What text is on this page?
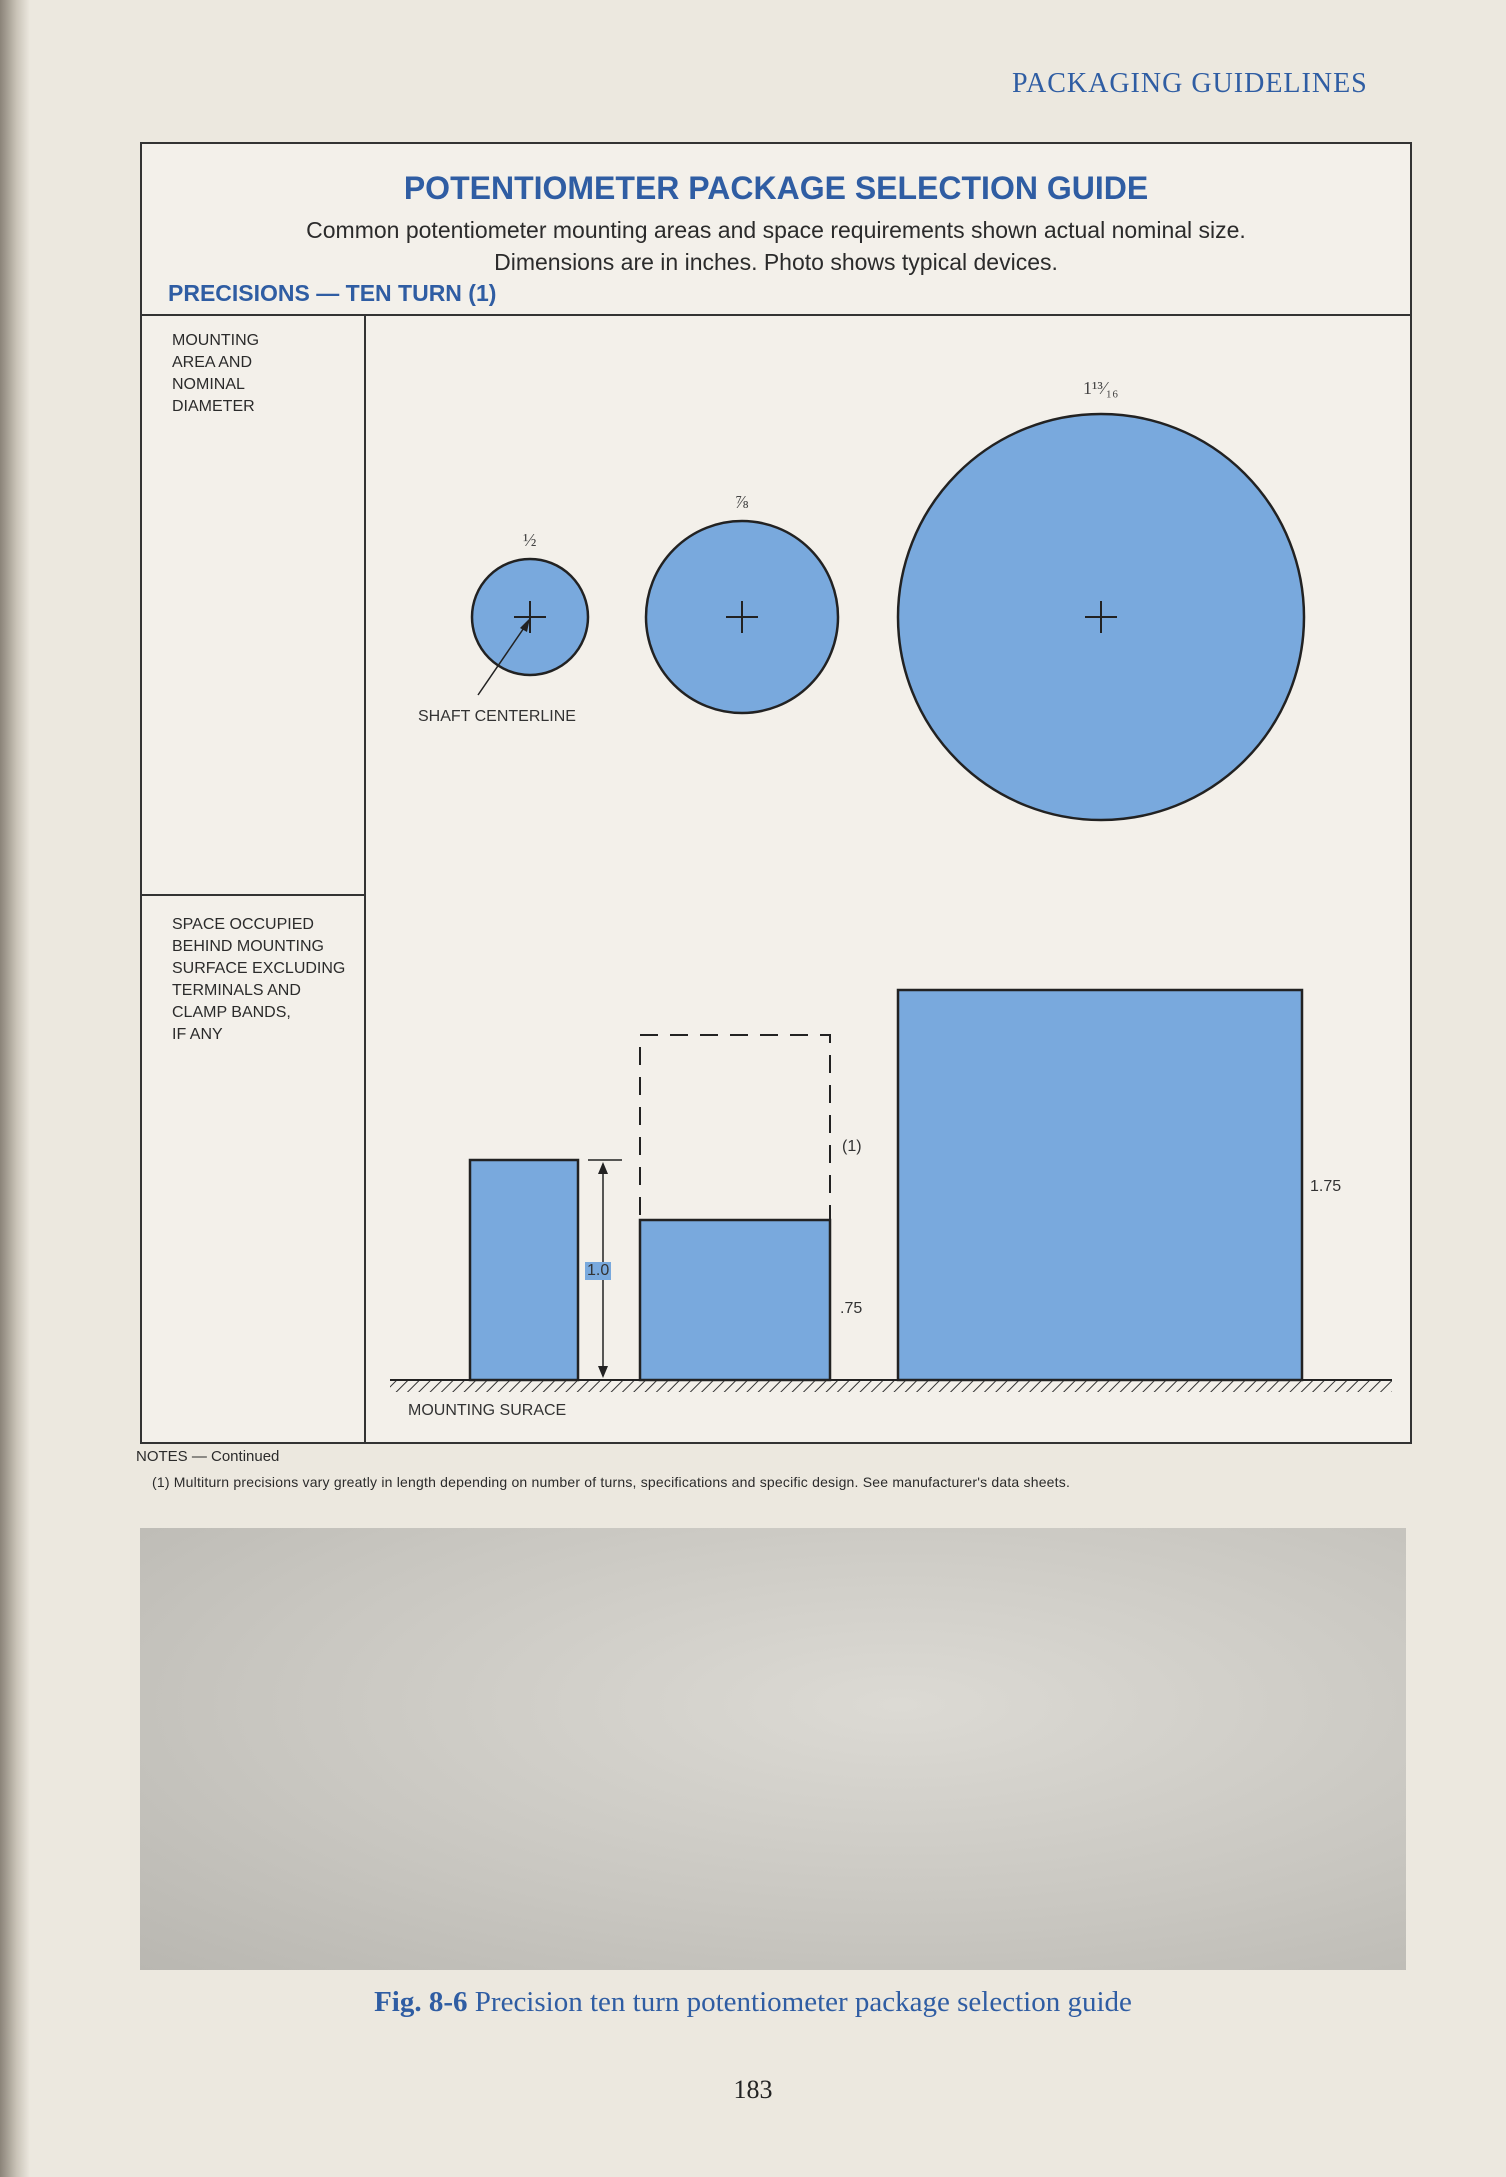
PACKAGING GUIDELINES
POTENTIOMETER PACKAGE SELECTION GUIDE
Common potentiometer mounting areas and space requirements shown actual nominal size.
Dimensions are in inches. Photo shows typical devices.
PRECISIONS — TEN TURN (1)
MOUNTING
AREA AND
NOMINAL
DIAMETER
SPACE OCCUPIED
BEHIND MOUNTING
SURFACE EXCLUDING
TERMINALS AND
CLAMP BANDS,
IF ANY
½
⅞
1¹³⁄₁₆
SHAFT CENTERLINE
1.0
.75
(1)
1.75
MOUNTING SURACE
NOTES — Continued
(1) Multiturn precisions vary greatly in length depending on number of turns, specifications and specific design. See manufacturer's data sheets.
Fig. 8-6 Precision ten turn potentiometer package selection guide
183
